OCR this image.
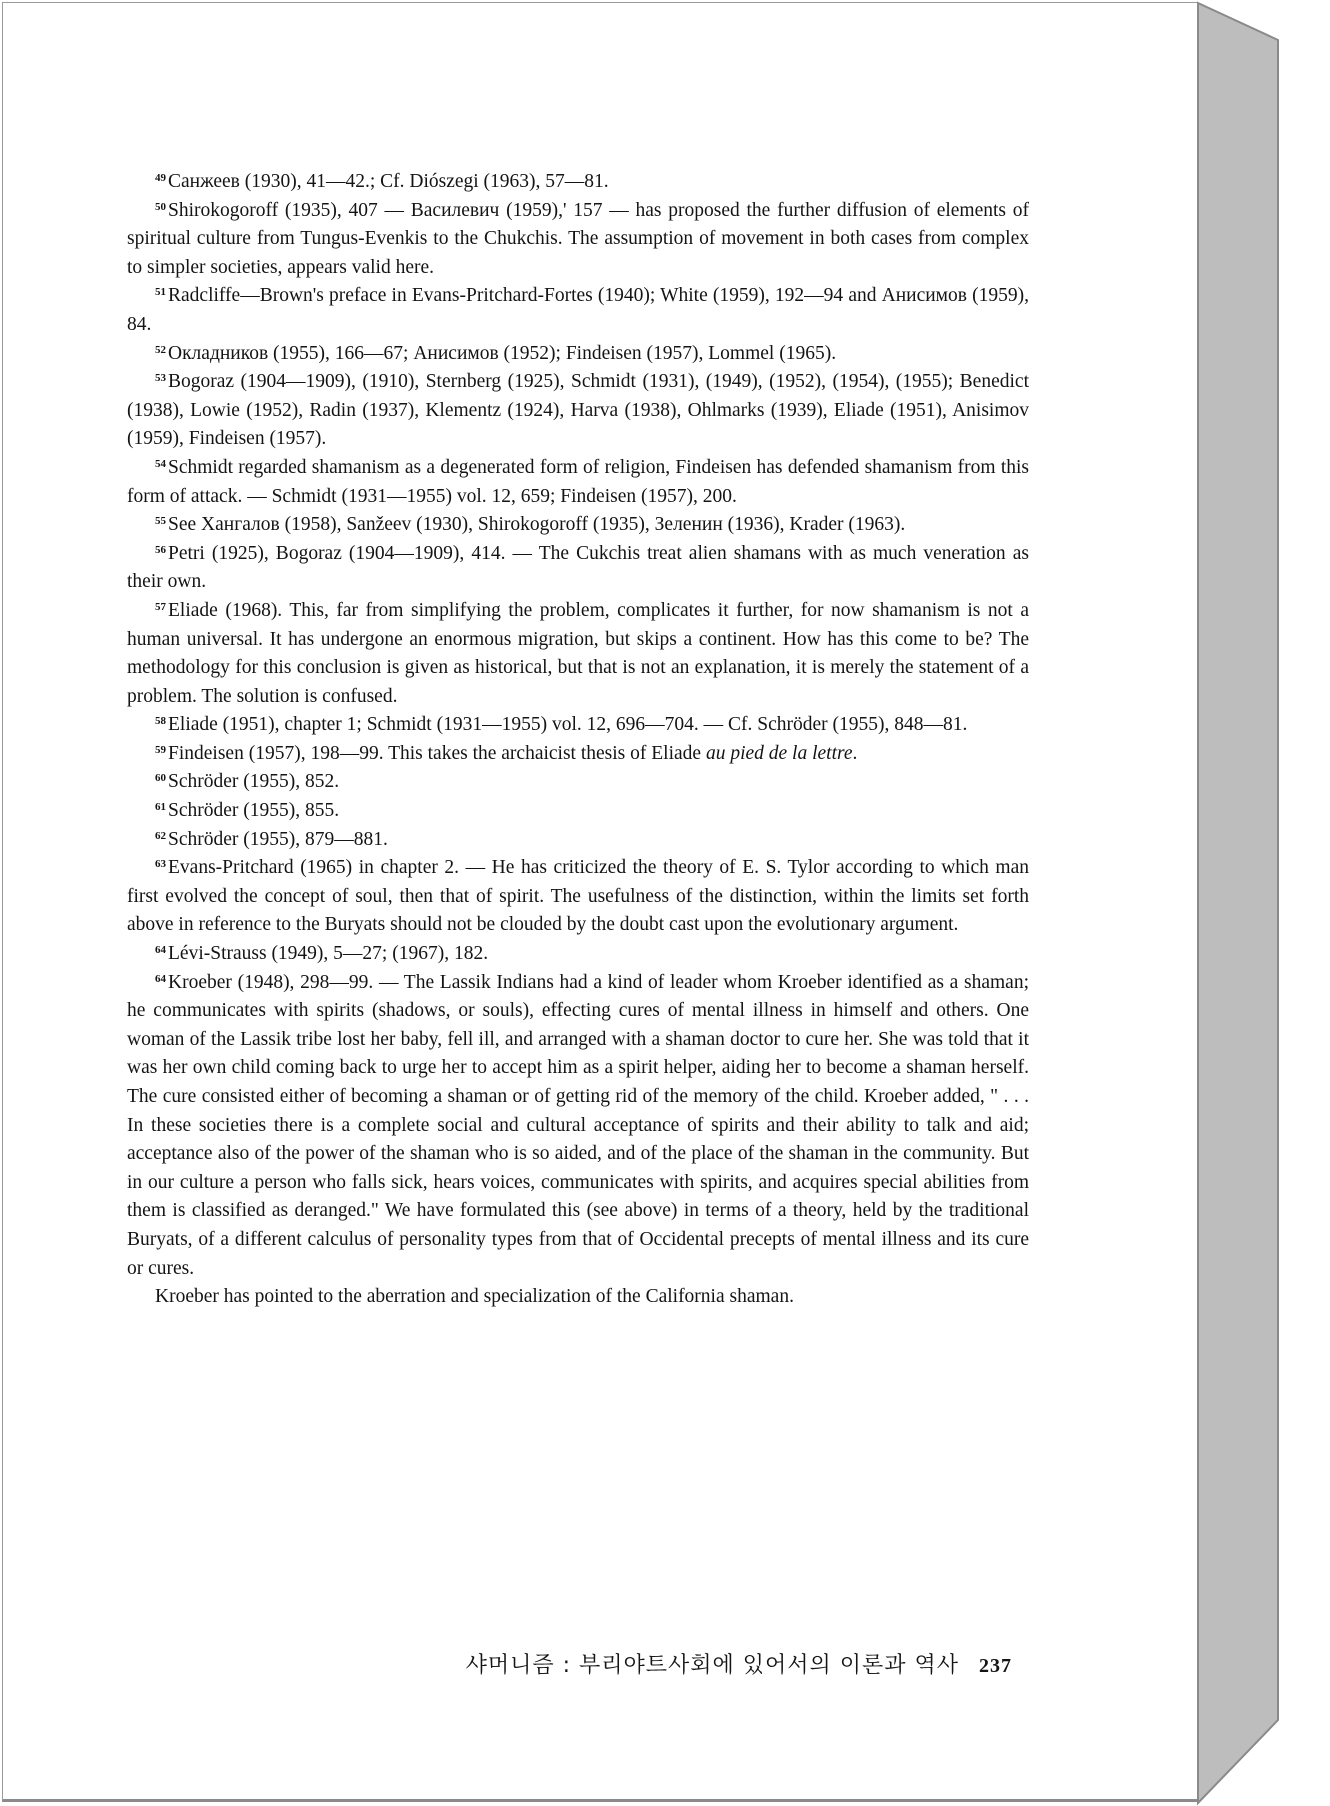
$^{49}$ Санжеев (1930), 41—42.; Cf. Diószegi (1963), 57—81.

$^{50}$ Shirokogoroff (1935), 407 — Василевич (1959),' 157 — has proposed the further diffusion of elements of spiritual culture from Tungus-Evenkis to the Chukchis. The assumption of movement in both cases from complex to simpler societies, appears valid here.

$^{51}$ Radcliffe—Brown's preface in Evans-Pritchard-Fortes (1940); White (1959), 192—94 and Анисимов (1959), 84.

$^{52}$ Окладников (1955), 166—67; Анисимов (1952); Findeisen (1957), Lommel (1965).

$^{53}$ Bogoraz (1904—1909), (1910), Sternberg (1925), Schmidt (1931), (1949), (1952), (1954), (1955); Benedict (1938), Lowie (1952), Radin (1937), Klementz (1924), Harva (1938), Ohlmarks (1939), Eliade (1951), Anisimov (1959), Findeisen (1957).

$^{54}$ Schmidt regarded shamanism as a degenerated form of religion, Findeisen has defended shamanism from this form of attack. — Schmidt (1931—1955) vol. 12, 659; Findeisen (1957), 200.

$^{55}$ See Хангалов (1958), Sanžeev (1930), Shirokogoroff (1935), Зеленин (1936), Krader (1963).

$^{56}$ Petri (1925), Bogoraz (1904—1909), 414. — The Cukchis treat alien shamans with as much veneration as their own.

$^{57}$ Eliade (1968). This, far from simplifying the problem, complicates it further, for now shamanism is not a human universal. It has undergone an enormous migration, but skips a continent. How has this come to be? The methodology for this conclusion is given as historical, but that is not an explanation, it is merely the statement of a problem. The solution is confused.

$^{58}$ Eliade (1951), chapter 1; Schmidt (1931—1955) vol. 12, 696—704. — Cf. Schröder (1955), 848—81.

$^{59}$ Findeisen (1957), 198—99. This takes the archaicist thesis of Eliade au pied de la lettre.

$^{60}$ Schröder (1955), 852.

$^{61}$ Schröder (1955), 855.

$^{62}$ Schröder (1955), 879—881.

$^{63}$ Evans-Pritchard (1965) in chapter 2. — He has criticized the theory of E. S. Tylor according to which man first evolved the concept of soul, then that of spirit. The usefulness of the distinction, within the limits set forth above in reference to the Buryats should not be clouded by the doubt cast upon the evolutionary argument.

$^{64}$ Lévi-Strauss (1949), 5—27; (1967), 182.

$^{64}$ Kroeber (1948), 298—99. — The Lassik Indians had a kind of leader whom Kroeber identified as a shaman; he communicates with spirits (shadows, or souls), effecting cures of mental illness in himself and others. One woman of the Lassik tribe lost her baby, fell ill, and arranged with a shaman doctor to cure her. She was told that it was her own child coming back to urge her to accept him as a spirit helper, aiding her to become a shaman herself. The cure consisted either of becoming a shaman or of getting rid of the memory of the child. Kroeber added, " . . . In these societies there is a complete social and cultural acceptance of spirits and their ability to talk and aid; acceptance also of the power of the shaman who is so aided, and of the place of the shaman in the community. But in our culture a person who falls sick, hears voices, communicates with spirits, and acquires special abilities from them is classified as deranged." We have formulated this (see above) in terms of a theory, held by the traditional Buryats, of a different calculus of personality types from that of Occidental precepts of mental illness and its cure or cures.

Kroeber has pointed to the aberration and specialization of the California shaman.

샤머니즘 : 부리야트사회에 있어서의 이론과 역사 237
